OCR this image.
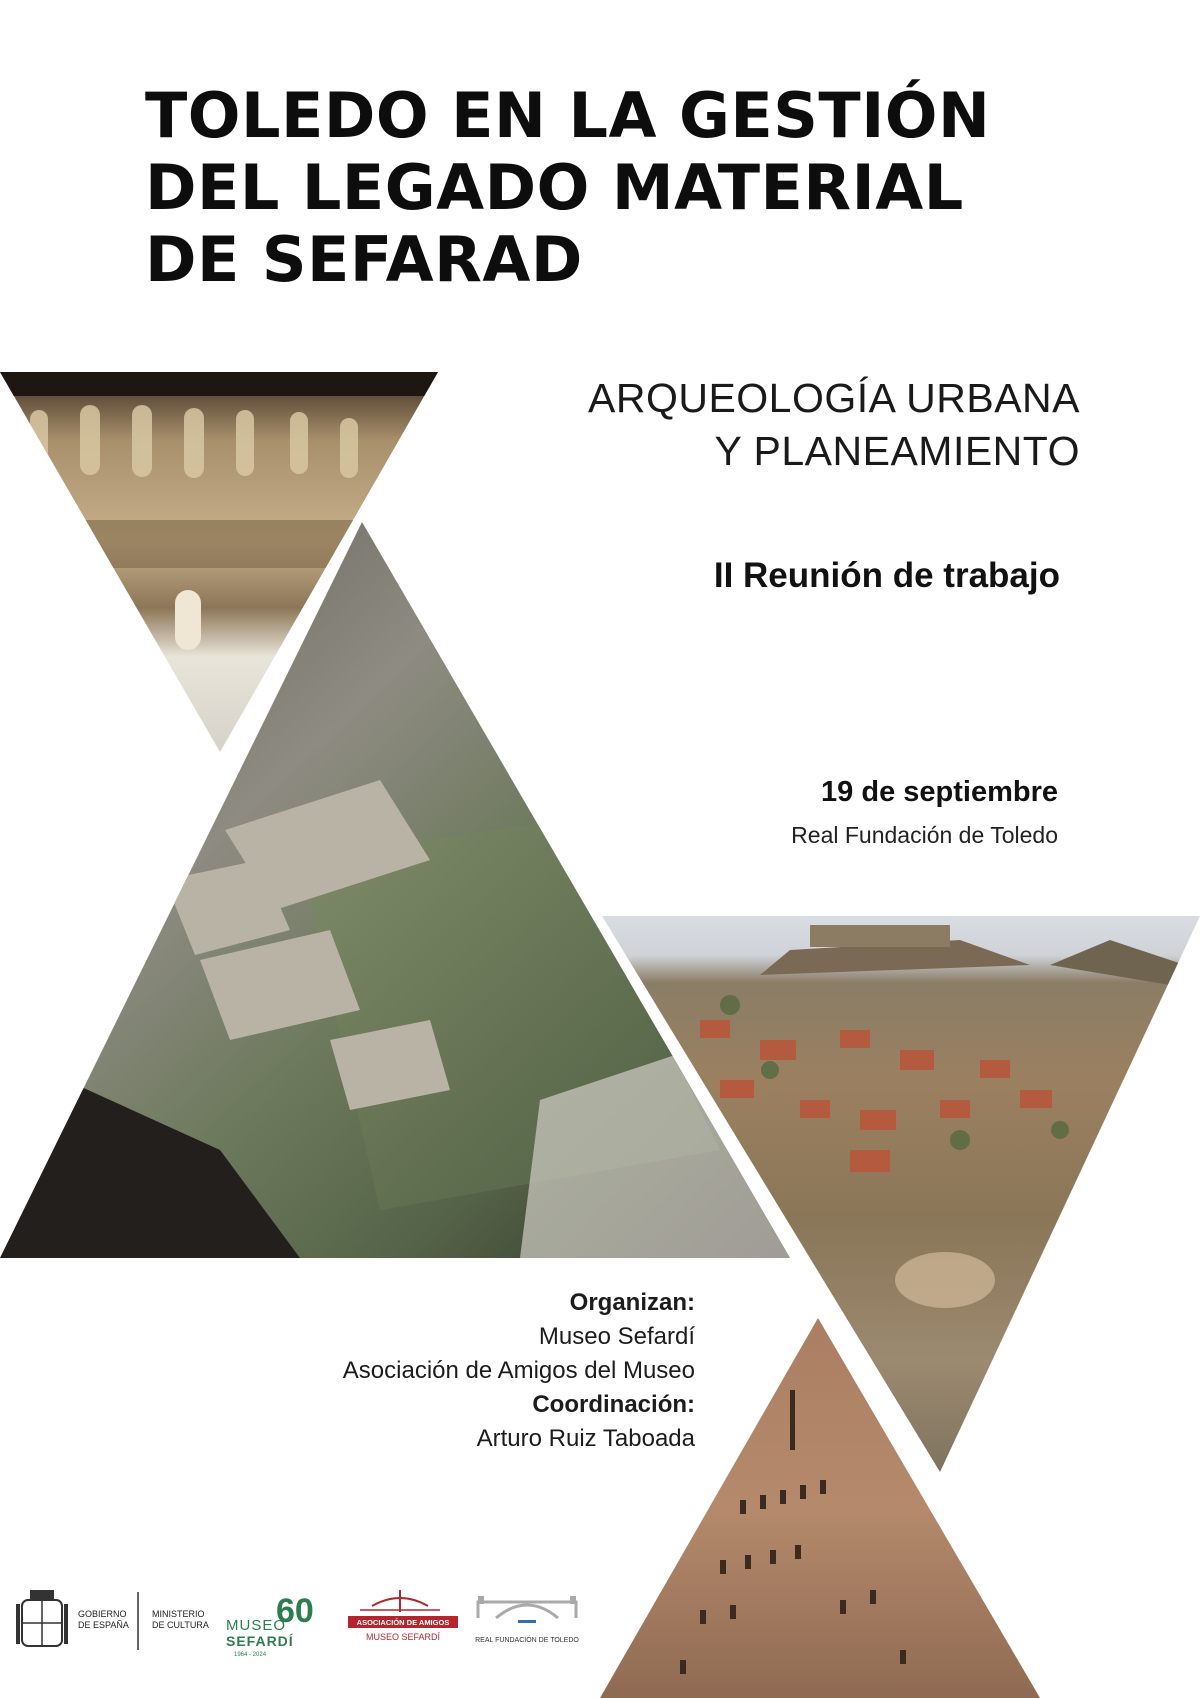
TOLEDO EN LA GESTIÓN
DEL LEGADO MATERIAL
DE SEFARAD
ARQUEOLOGÍA URBANA
Y PLANEAMIENTO
II Reunión de trabajo
19 de septiembre
Real Fundación de Toledo
Organizan:
Museo Sefardí
Asociación de Amigos del Museo
Coordinación:
Arturo Ruiz Taboada
GOBIERNO
DE ESPAÑA
MINISTERIO
DE CULTURA MUSEO
SEFARDÍ
60
1964 - 2024
ASOCIACIÓN DE AMIGOS
MUSEO SEFARDÍ	REAL FUNDACIÓN DE TOLEDO
